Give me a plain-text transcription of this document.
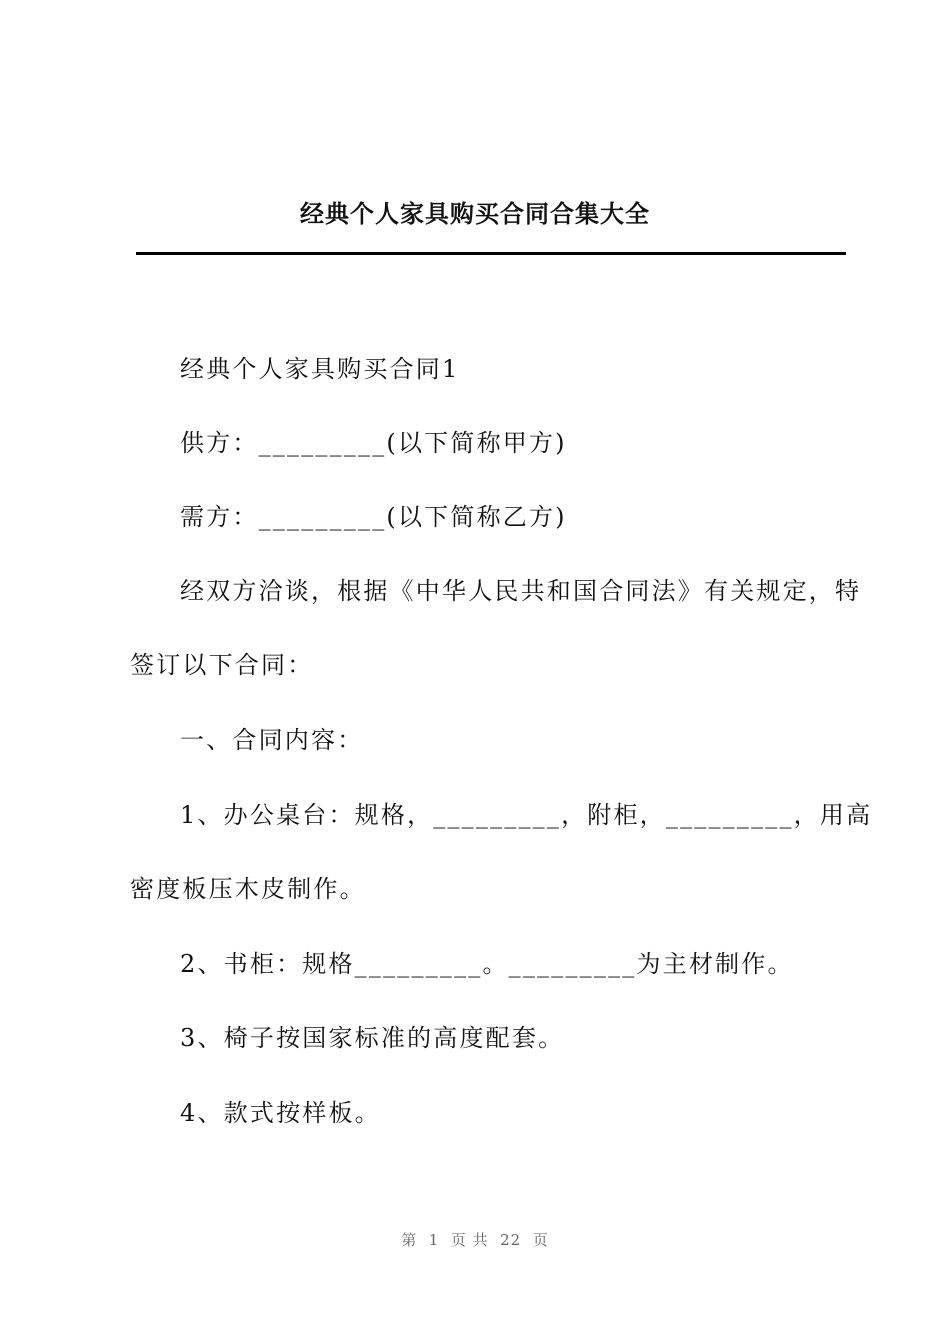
经典个人家具购买合同合集大全
经典个人家具购买合同1
供方：_________(以下简称甲方)
需方：_________(以下简称乙方)
经双方洽谈，根据《中华人民共和国合同法》有关规定，特
签订以下合同：
一、合同内容：
1、办公桌台：规格，_________，附柜，_________，用高
密度板压木皮制作。
2、书柜：规格_________。_________为主材制作。
3、椅子按国家标准的高度配套。
4、款式按样板。
第  1  页 共  22  页
